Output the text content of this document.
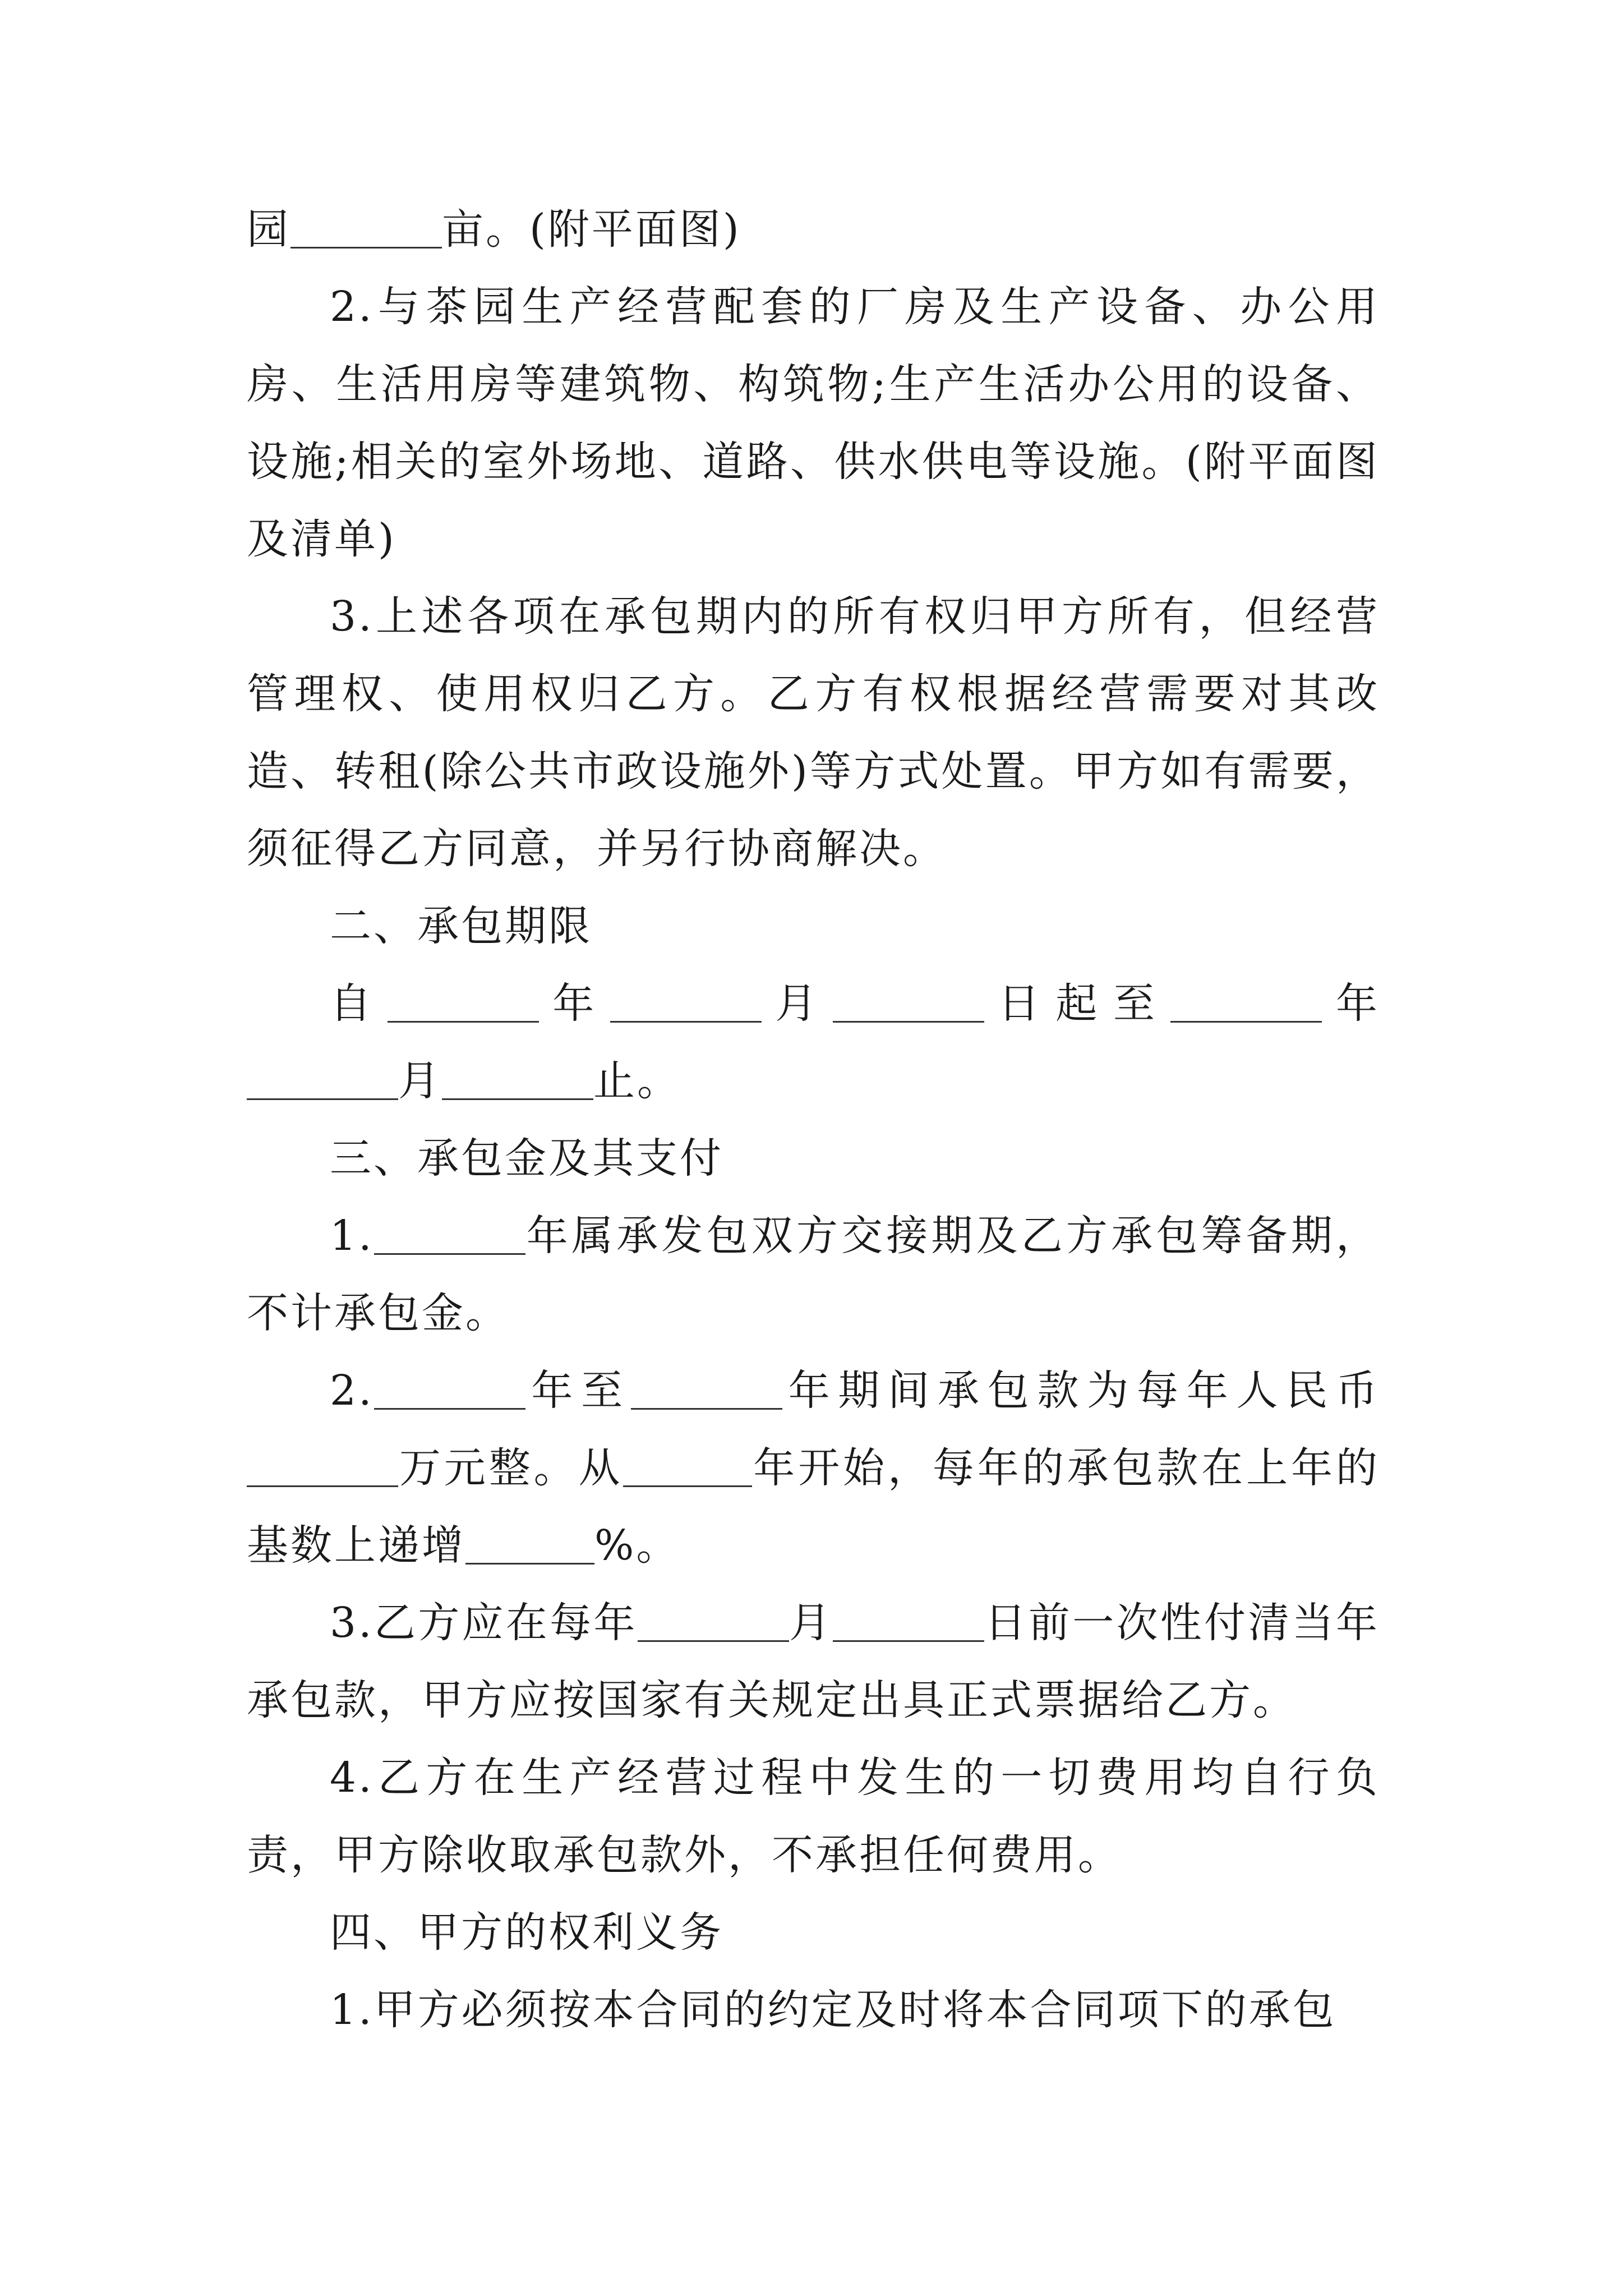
园	亩。(附平面图)

2.与茶园生产经营配套的厂房及生产设备、办公用房、生活用房等建筑物、构筑物;生产生活办公用的设备、设施;相关的室外场地、道路、供水供电等设施。(附平面图及清单)

3.上述各项在承包期内的所有权归甲方所有，但经营管理权、使用权归乙方。乙方有权根据经营需要对其改造、转租(除公共市政设施外)等方式处置。甲方如有需要，须征得乙方同意，并另行协商解决。

二、承包期限

自	年	月	日起至	年月	止。

三、承包金及其支付

1.	年属承发包双方交接期及乙方承包筹备期，不计承包金。

2.	年至	年期间承包款为每年人民币万元整。从	年开始，每年的承包款在上年的基数上递增	%。

3.乙方应在每年	月	日前一次性付清当年承包款，甲方应按国家有关规定出具正式票据给乙方。

4.乙方在生产经营过程中发生的一切费用均自行负责，甲方除收取承包款外，不承担任何费用。

四、甲方的权利义务

1.甲方必须按本合同的约定及时将本合同项下的承包
